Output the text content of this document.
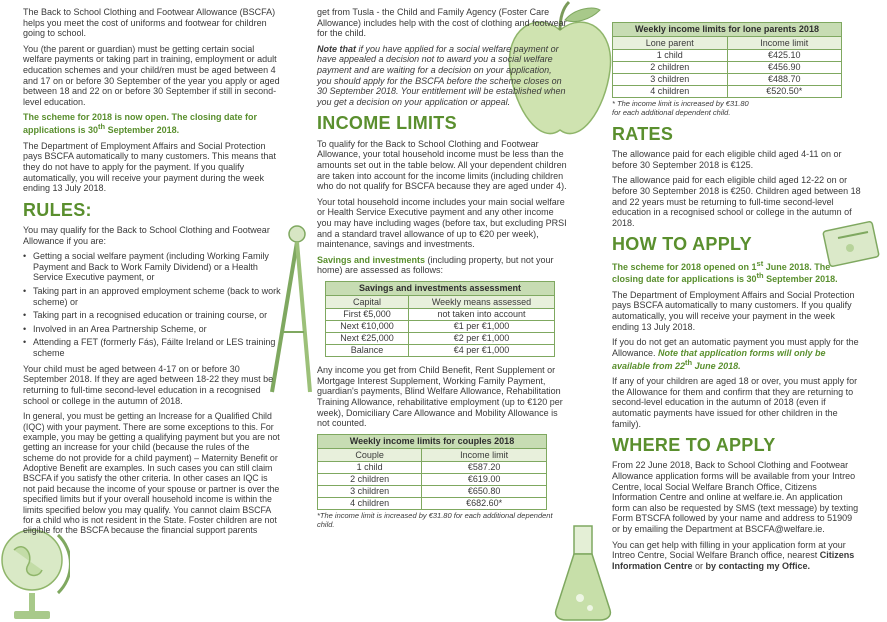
The Back to School Clothing and Footwear Allowance (BSCFA) helps you meet the cost of uniforms and footwear for children going to school.

You (the parent or guardian) must be getting certain social welfare payments or taking part in training, employment or adult education schemes and your child/ren must be aged between 4 and 17 on or before 30 September of the year you apply or aged between 18 and 22 on or before 30 September if still in second-level education.

The scheme for 2018 is now open. The closing date for applications is 30th September 2018.

The Department of Employment Affairs and Social Protection pays BSCFA automatically to many customers. This means that they do not have to apply for the payment. If you qualify automatically, you will receive your payment during the week ending 13 July 2018.

RULES:

You may qualify for the Back to School Clothing and Footwear Allowance if you are:

• Getting a social welfare payment (including Working Family Payment and Back to Work Family Dividend) or a Health Service Executive payment, or
• Taking part in an approved employment scheme (back to work scheme) or
• Taking part in a recognised education or training course, or
• Involved in an Area Partnership Scheme, or
• Attending a FET (formerly Fás), Fáilte Ireland or LES training scheme

Your child must be aged between 4-17 on or before 30 September 2018. If they are aged between 18-22 they must be returning to full-time second-level education in a recognised school or college in the autumn of 2018.

In general, you must be getting an Increase for a Qualified Child (IQC) with your payment. There are some exceptions to this. For example, you may be getting a qualifying payment but you are not getting an increase for your child (because the rules of the scheme do not provide for a child payment) – Maternity Benefit or Adoptive Benefit are examples. In such cases you can still claim BSCFA if you satisfy the other criteria. In other cases an IQC is not paid because the income of your spouse or partner is over the specified limits but if your overall household income is within the limits specified below you may qualify. You cannot claim BSCFA for a child who is not resident in the State. Foster children are not eligible for the BSCFA because the financial support parents

get from Tusla - the Child and Family Agency (Foster Care Allowance) includes help with the cost of clothing and footwear for the child.

Note that if you have applied for a social welfare payment or have appealed a decision not to award you a social welfare payment and are waiting for a decision on your application, you should apply for the BSCFA before the scheme closes on 30 September 2018. Your entitlement will be established when you get a decision on your application or appeal.

INCOME LIMITS

To qualify for the Back to School Clothing and Footwear Allowance, your total household income must be less than the amounts set out in the table below. All your dependent children are taken into account for the income limits (including children who do not qualify for BSCFA because they are aged under 4).

Your total household income includes your main social welfare or Health Service Executive payment and any other income you may have including wages (before tax, but excluding PRSI and a standard travel allowance of up to €20 per week), maintenance, savings and investments.

Savings and investments (including property, but not your home) are assessed as follows:

Savings and investments assessment	
Capital	Weekly means assessed
First €5,000	not taken into account
Next €10,000	€1 per €1,000
Next €25,000	€2 per €1,000
Balance	€4 per €1,000

Any income you get from Child Benefit, Rent Supplement or Mortgage Interest Supplement, Working Family Payment, guardian's payments, Blind Welfare Allowance, Rehabilitation Training Allowance, rehabilitative employment (up to €120 per week), Domiciliary Care Allowance and Mobility Allowance is not counted.

Weekly income limits for couples 2018	
Couple	Income limit
1 child	€587.20
2 children	€619.00
3 children	€650.80
4 children	€682.60*

*The income limit is increased by €31.80 for each additional dependent child.

Weekly income limits for lone parents 2018	
Lone parent	Income limit
1 child	€425.10
2 children	€456.90
3 children	€488.70
4 children	€520.50*

* The income limit is increased by €31.80 for each additional dependent child.

RATES

The allowance paid for each eligible child aged 4-11 on or before 30 September 2018 is €125.

The allowance paid for each eligible child aged 12-22 on or before 30 September 2018 is €250. Children aged between 18 and 22 years must be returning to full-time second-level education in a recognised school or college in the autumn of 2018.

HOW TO APPLY

The scheme for 2018 opened on 1st June 2018. The closing date for applications is 30th September 2018.

The Department of Employment Affairs and Social Protection pays BSCFA automatically to many customers. If you qualify automatically, you will receive your payment in the week ending 13 July 2018.

If you do not get an automatic payment you must apply for the Allowance. Note that application forms will only be available from 22th June 2018.

If any of your children are aged 18 or over, you must apply for the Allowance for them and confirm that they are returning to second-level education in the autumn of 2018 (even if automatic payments have issued for other children in the family).

WHERE TO APPLY

From 22 June 2018, Back to School Clothing and Footwear Allowance application forms will be available from your Intreo Centre, local Social Welfare Branch Office, Citizens Information Centre and online at welfare.ie. An application form can also be requested by SMS (text message) by texting Form BTSCFA followed by your name and address to 51909 or by emailing the Department at BSCFA@welfare.ie.

You can get help with filling in your application form at your Intreo Centre, Social Welfare Branch office, nearest Citizens Information Centre or by contacting my Office.
